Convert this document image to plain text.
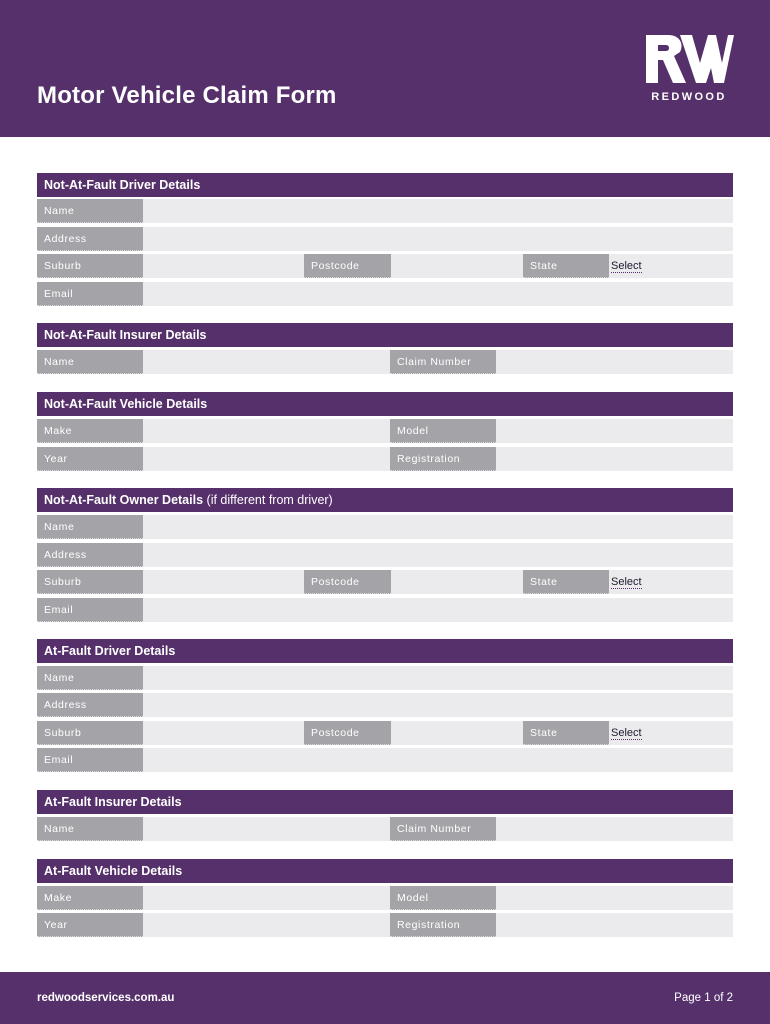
Motor Vehicle Claim Form	REDWOOD
Not-At-Fault Driver Details
Name
Address
Suburb	Postcode	State	Select
Email
Not-At-Fault Insurer Details
Name	Claim Number
Not-At-Fault Vehicle Details
Make	Model
Year	Registration
Not-At-Fault Owner Details (if different from driver)
Name
Address
Suburb	Postcode	State	Select
Email
At-Fault Driver Details
Name
Address
Suburb	Postcode	State	Select
Email
At-Fault Insurer Details
Name	Claim Number
At-Fault Vehicle Details
Make	Model
Year	Registration
redwoodservices.com.au	Page 1 of 2
